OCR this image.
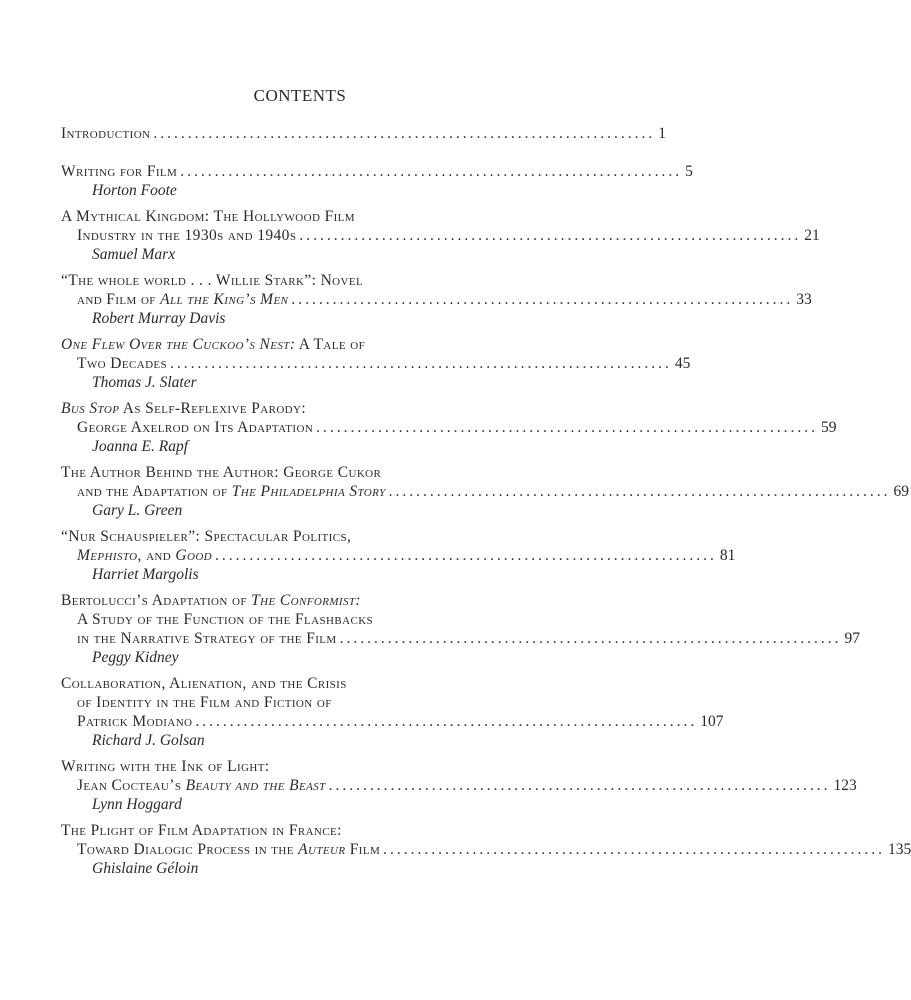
CONTENTS
Introduction ......................................................................... 1
Writing for Film ......................................................................... 5
Horton Foote
A Mythical Kingdom: The Hollywood Film
Industry in the 1930s and 1940s ......................................................................... 21
Samuel Marx
“The whole world . . . Willie Stark”: Novel
and Film of All the King’s Men ......................................................................... 33
Robert Murray Davis
One Flew Over the Cuckoo’s Nest: A Tale of
Two Decades ......................................................................... 45
Thomas J. Slater
Bus Stop As Self-Reflexive Parody:
George Axelrod on Its Adaptation ......................................................................... 59
Joanna E. Rapf
The Author Behind the Author: George Cukor
and the Adaptation of The Philadelphia Story ......................................................................... 69
Gary L. Green
“Nur Schauspieler”: Spectacular Politics,
Mephisto, and Good ......................................................................... 81
Harriet Margolis
Bertolucci’s Adaptation of The Conformist:
A Study of the Function of the Flashbacks
in the Narrative Strategy of the Film ......................................................................... 97
Peggy Kidney
Collaboration, Alienation, and the Crisis
of Identity in the Film and Fiction of
Patrick Modiano ......................................................................... 107
Richard J. Golsan
Writing with the Ink of Light:
Jean Cocteau’s Beauty and the Beast ......................................................................... 123
Lynn Hoggard
The Plight of Film Adaptation in France:
Toward Dialogic Process in the Auteur Film ......................................................................... 135
Ghislaine Géloin
